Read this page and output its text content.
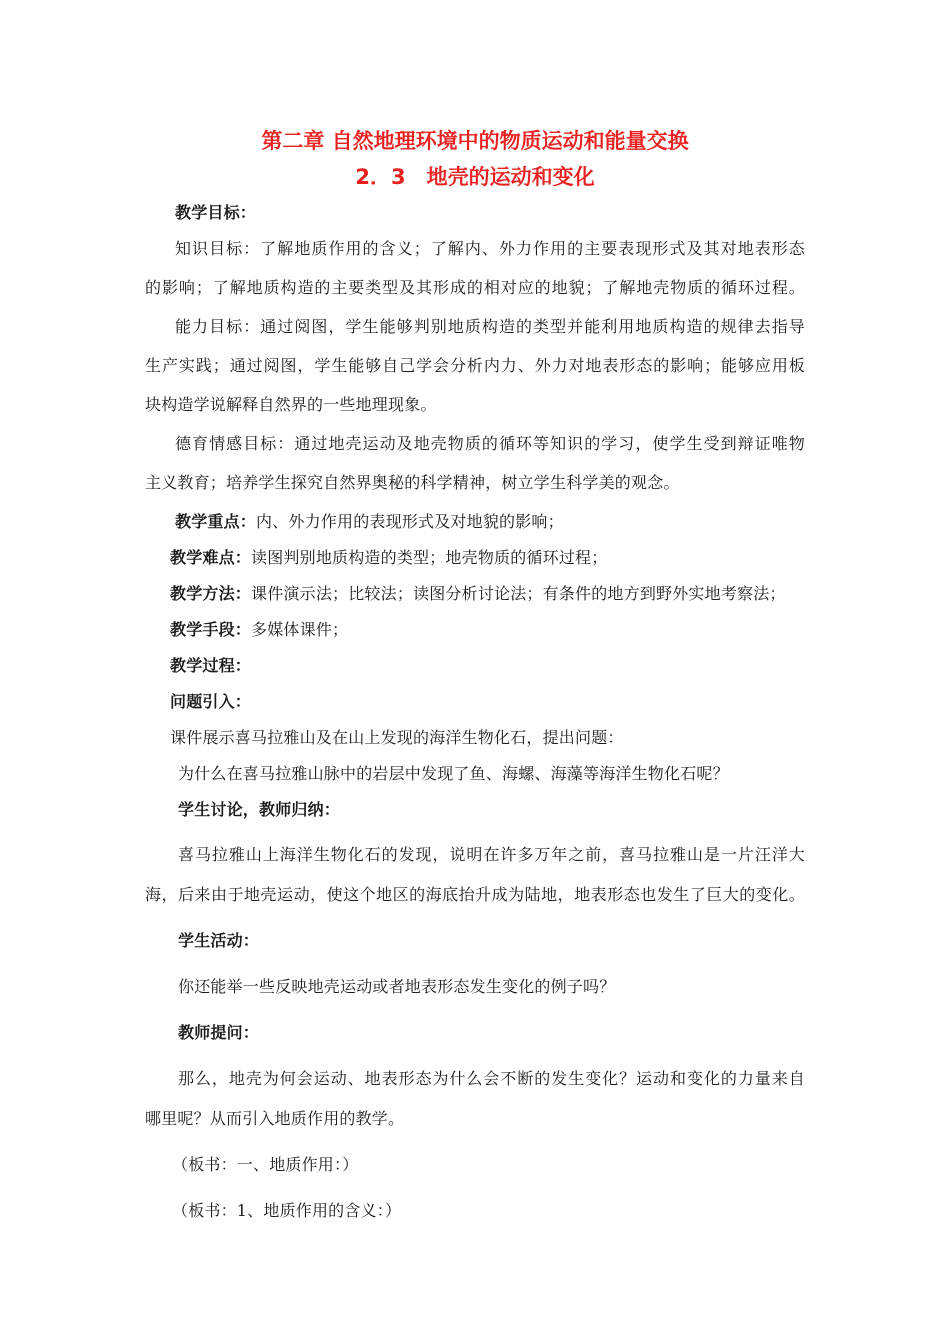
第二章 自然地理环境中的物质运动和能量交换
2．3　地壳的运动和变化
教学目标：
知识目标：了解地质作用的含义；了解内、外力作用的主要表现形式及其对地表形态
的影响；了解地质构造的主要类型及其形成的相对应的地貌；了解地壳物质的循环过程。
能力目标：通过阅图，学生能够判别地质构造的类型并能利用地质构造的规律去指导
生产实践；通过阅图，学生能够自己学会分析内力、外力对地表形态的影响；能够应用板
块构造学说解释自然界的一些地理现象。
德育情感目标：通过地壳运动及地壳物质的循环等知识的学习，使学生受到辩证唯物
主义教育；培养学生探究自然界奥秘的科学精神，树立学生科学美的观念。
教学重点：内、外力作用的表现形式及对地貌的影响；
教学难点：读图判别地质构造的类型；地壳物质的循环过程；
教学方法：课件演示法；比较法；读图分析讨论法；有条件的地方到野外实地考察法；
教学手段：多媒体课件；
教学过程：
问题引入：
课件展示喜马拉雅山及在山上发现的海洋生物化石，提出问题：
为什么在喜马拉雅山脉中的岩层中发现了鱼、海螺、海藻等海洋生物化石呢？
学生讨论，教师归纳：
喜马拉雅山上海洋生物化石的发现，说明在许多万年之前，喜马拉雅山是一片汪洋大
海，后来由于地壳运动，使这个地区的海底抬升成为陆地，地表形态也发生了巨大的变化。
学生活动：
你还能举一些反映地壳运动或者地表形态发生变化的例子吗？
教师提问：
那么，地壳为何会运动、地表形态为什么会不断的发生变化？运动和变化的力量来自
哪里呢？从而引入地质作用的教学。
（板书：一、地质作用：）
（板书：1、地质作用的含义：）
